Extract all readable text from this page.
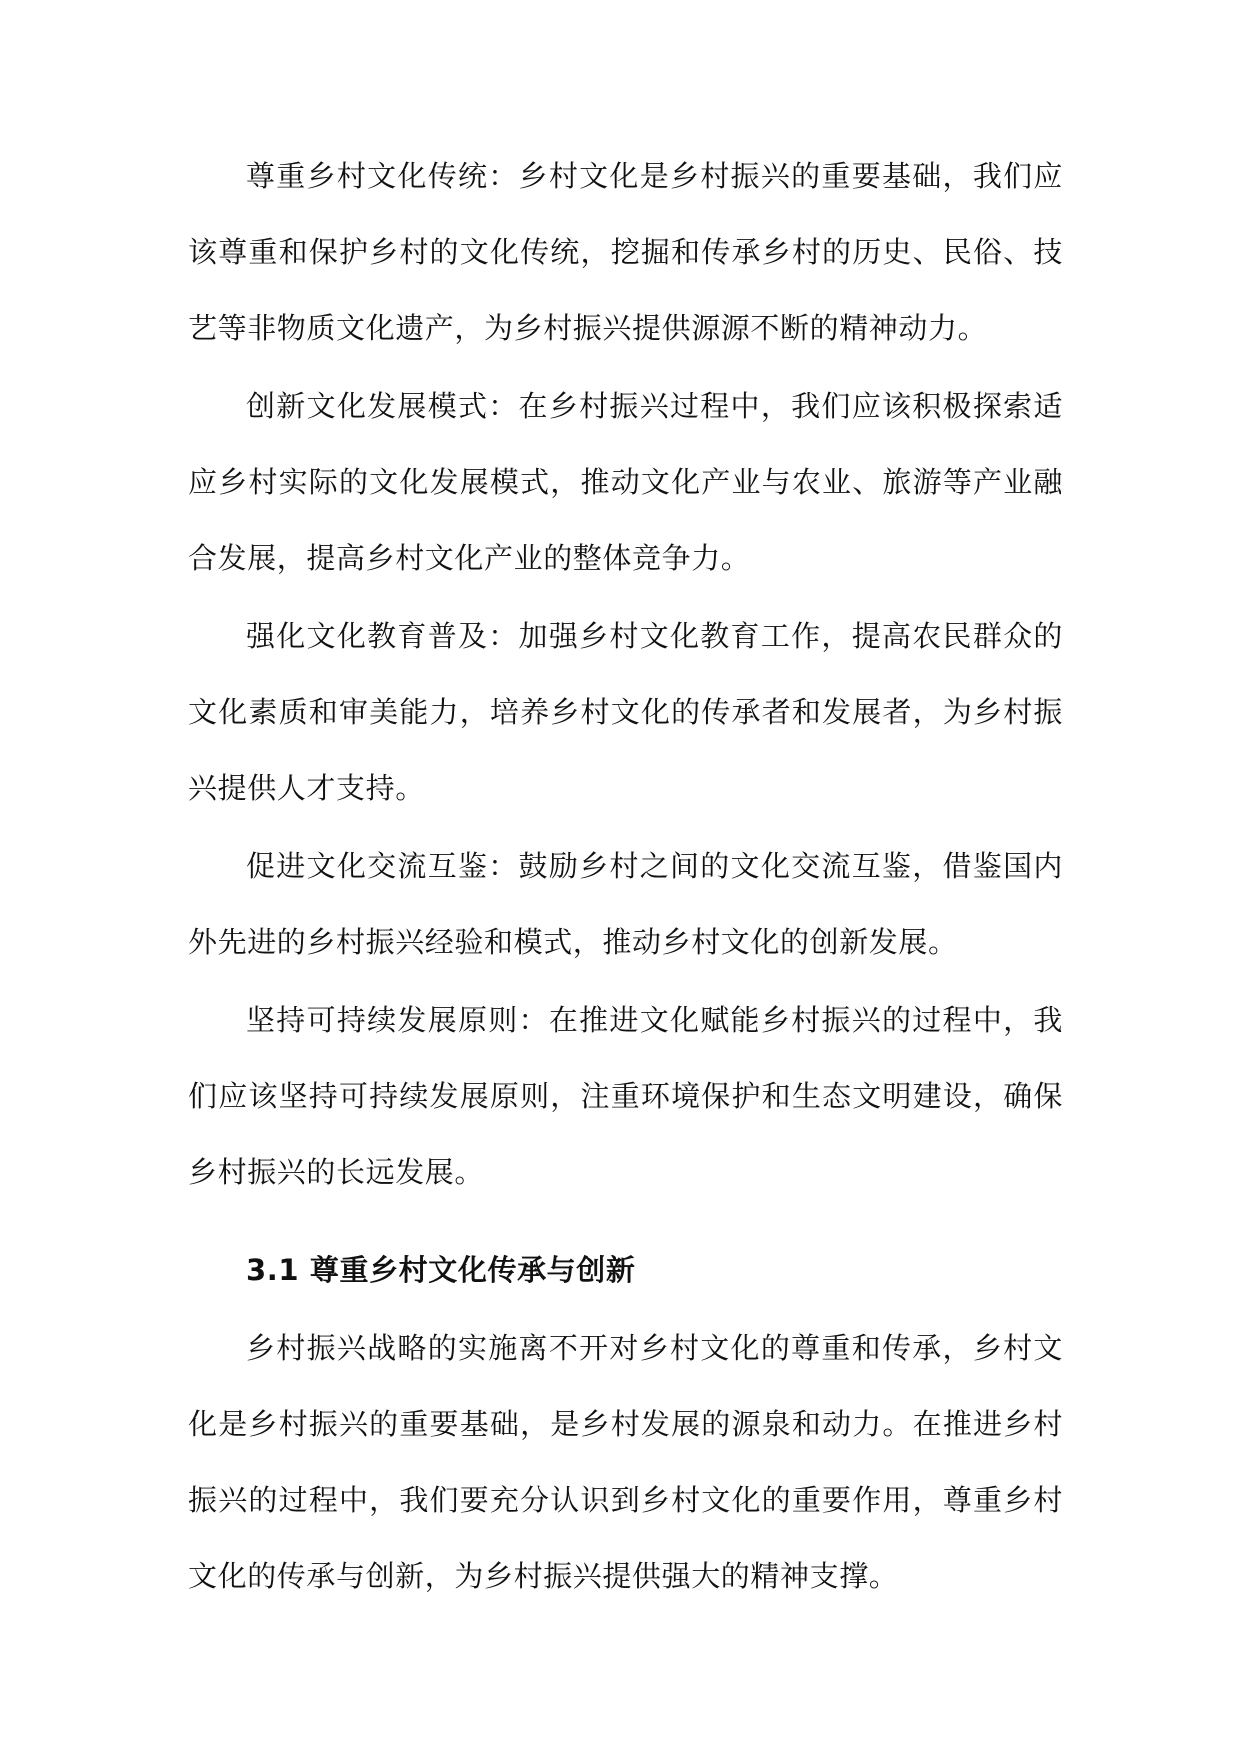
尊重乡村文化传统：乡村文化是乡村振兴的重要基础，我们应该尊重和保护乡村的文化传统，挖掘和传承乡村的历史、民俗、技艺等非物质文化遗产，为乡村振兴提供源源不断的精神动力。

创新文化发展模式：在乡村振兴过程中，我们应该积极探索适应乡村实际的文化发展模式，推动文化产业与农业、旅游等产业融合发展，提高乡村文化产业的整体竞争力。

强化文化教育普及：加强乡村文化教育工作，提高农民群众的文化素质和审美能力，培养乡村文化的传承者和发展者，为乡村振兴提供人才支持。

促进文化交流互鉴：鼓励乡村之间的文化交流互鉴，借鉴国内外先进的乡村振兴经验和模式，推动乡村文化的创新发展。

坚持可持续发展原则：在推进文化赋能乡村振兴的过程中，我们应该坚持可持续发展原则，注重环境保护和生态文明建设，确保乡村振兴的长远发展。

3.1 尊重乡村文化传承与创新

乡村振兴战略的实施离不开对乡村文化的尊重和传承，乡村文化是乡村振兴的重要基础，是乡村发展的源泉和动力。在推进乡村振兴的过程中，我们要充分认识到乡村文化的重要作用，尊重乡村文化的传承与创新，为乡村振兴提供强大的精神支撑。
